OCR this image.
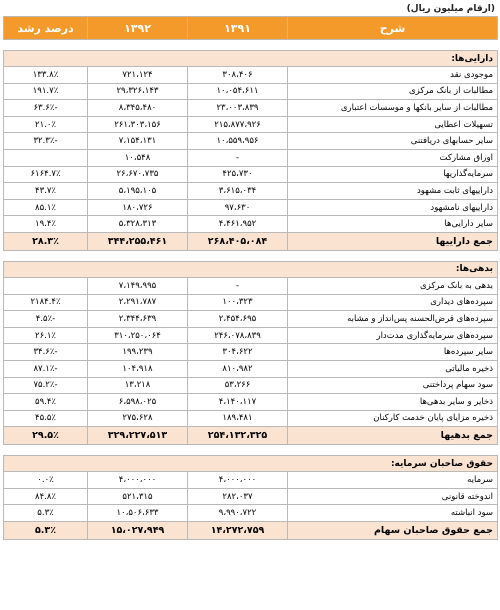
(ارقام میلیون ریال)
شرح	۱۳۹۱	۱۳۹۲	درصد رشد

دارایی‌ها:			
موجودی نقد	۳۰۸،۴۰۶	۷۲۱،۱۲۴	۱۳۳.۸٪
مطالبات از بانک مرکزی	۱۰،۰۵۴،۶۱۱	۲۹،۳۲۶،۱۴۳	۱۹۱.۷٪
مطالبات از سایر بانکها و موسسات اعتباری	۲۳،۰۰۳،۸۳۹	۸،۳۴۵،۴۸۰	-۶۳.۶٪
تسهیلات اعطایی	۲۱۵،۸۷۷،۹۲۶	۲۶۱،۳۰۳،۱۵۶	۲۱.۰٪
سایر حسابهای دریافتنی	۱۰،۵۵۹،۹۵۶	۷،۱۵۴،۱۳۱	-۳۲.۳٪
اوراق مشارکت	-	۱۰،۵۴۸	
سرمایه‌گذاریها	۴۲۵،۷۳۰	۲۶،۶۷۰،۷۳۵	۶۱۶۴.۷٪
داراییهای ثابت مشهود	۳،۶۱۵،۰۳۴	۵،۱۹۵،۱۰۵	۴۳.۷٪
داراییهای نامشهود	۹۷،۶۳۰	۱۸۰،۷۲۶	۸۵.۱٪
سایر دارایی‌ها	۴،۴۶۱،۹۵۲	۵،۳۲۸،۳۱۳	۱۹.۴٪
جمع داراییها	۲۶۸،۴۰۵،۰۸۴	۳۴۴،۲۵۵،۴۶۱	۲۸.۳٪

بدهی‌ها:			
بدهی به بانک مرکزی	-	۷،۱۴۹،۹۹۵	
سپرده‌های دیداری	۱۰۰،۳۲۳	۲،۲۹۱،۷۸۷	۲۱۸۴.۴٪
سپرده‌های قرض‌الحسنه پس‌انداز و مشابه	۲،۴۵۴،۶۹۵	۲،۳۴۴،۶۳۹	-۴.۵٪
سپرده‌های سرمایه‌گذاری مدت‌دار	۲۴۶،۰۷۸،۸۳۹	۳۱۰،۲۵۰،۰۶۴	۲۶.۱٪
سایر سپرده‌ها	۳۰۴،۶۲۲	۱۹۹،۲۳۹	-۳۴.۶٪
ذخیره مالیاتی	۸۱۰،۹۸۲	۱۰۴،۹۱۸	-۸۷.۱٪
سود سهام پرداختنی	۵۳،۲۶۶	۱۳،۲۱۸	-۷۵.۲٪
ذخایر و سایر بدهی‌ها	۴،۱۴۰،۱۱۷	۶،۵۹۸،۰۲۵	۵۹.۴٪
ذخیره مزایای پایان خدمت کارکنان	۱۸۹،۴۸۱	۲۷۵،۶۲۸	۴۵.۵٪
جمع بدهیها	۲۵۴،۱۳۲،۳۲۵	۳۲۹،۲۲۷،۵۱۳	۲۹.۵٪

حقوق صاحبان سرمایه:			
سرمایه	۴،۰۰۰،۰۰۰	۴،۰۰۰،۰۰۰	۰.۰٪
اندوخته قانونی	۲۸۲،۰۳۷	۵۲۱،۳۱۵	۸۴.۸٪
سود انباشته	۹،۹۹۰،۷۲۲	۱۰،۵۰۶،۶۳۳	۵.۳٪
جمع حقوق صاحبان سهام	۱۴،۲۷۲،۷۵۹	۱۵،۰۲۷،۹۴۹	۵.۳٪
